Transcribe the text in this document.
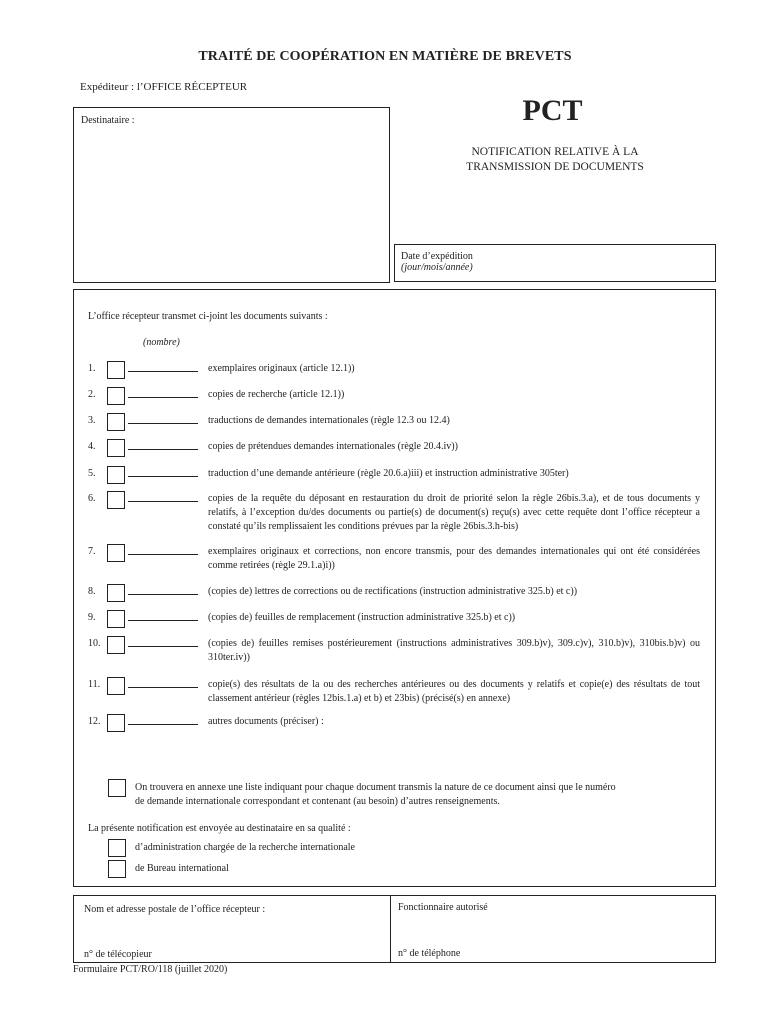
TRAITÉ DE COOPÉRATION EN MATIÈRE DE BREVETS
Expéditeur : l’OFFICE RÉCEPTEUR
Destinataire :	PCT
NOTIFICATION RELATIVE À LA
TRANSMISSION DE DOCUMENTS
Date d’expédition
(jour/mois/année)
L’office récepteur transmet ci-joint les documents suivants :
(nombre)
1.	exemplaires originaux (article 12.1))
2.	copies de recherche (article 12.1))
3.	traductions de demandes internationales (règle 12.3 ou 12.4)
4.	copies de prétendues demandes internationales (règle 20.4.iv))
5.	traduction d’une demande antérieure (règle 20.6.a)iii) et instruction administrative 305ter)
6.	copies de la requête du déposant en restauration du droit de priorité selon la règle 26bis.3.a), et de tous documents y relatifs, à l’exception du/des documents ou partie(s) de document(s) reçu(s) avec cette requête dont l’office récepteur a constaté qu’ils remplissaient les conditions prévues par la règle 26bis.3.h-bis)
7.	exemplaires originaux et corrections, non encore transmis, pour des demandes internationales qui ont été considérées comme retirées (règle 29.1.a)i))
8.	(copies de) lettres de corrections ou de rectifications (instruction administrative 325.b) et c))
9.	(copies de) feuilles de remplacement (instruction administrative 325.b) et c))
10.	(copies de) feuilles remises postérieurement (instructions administratives 309.b)v), 309.c)v), 310.b)v), 310bis.b)v) ou 310ter.iv))
11.	copie(s) des résultats de la ou des recherches antérieures ou des documents y relatifs et copie(e) des résultats de tout classement antérieur (règles 12bis.1.a) et b) et 23bis) (précisé(s) en annexe)
12.	autres documents (préciser) :
On trouvera en annexe une liste indiquant pour chaque document transmis la nature de ce document ainsi que le numéro
de demande internationale correspondant et contenant (au besoin) d’autres renseignements.
La présente notification est envoyée au destinataire en sa qualité :
d’administration chargée de la recherche internationale
de Bureau international
Nom et adresse postale de l’office récepteur :
n° de télécopieur
Fonctionnaire autorisé
n° de téléphone
Formulaire PCT/RO/118 (juillet 2020)
